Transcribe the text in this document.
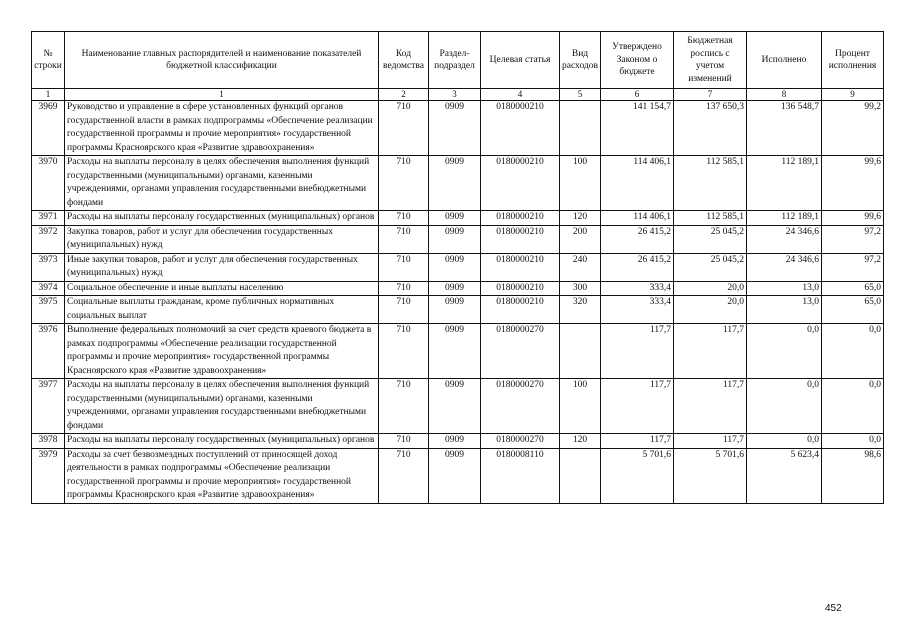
№ строки	Наименование главных распорядителей и наименование показателей бюджетной классификации	Код ведомства	Раздел-подраздел	Целевая статья	Вид расходов	Утверждено Законом о бюджете	Бюджетная роспись с учетом изменений	Исполнено	Процент исполнения
1	1	2	3	4	5	6	7	8	9
3969	Руководство и управление в сфере установленных функций органов государственной власти в рамках подпрограммы «Обеспечение реализации государственной программы и прочие мероприятия» государственной программы Красноярского края «Развитие здравоохранения»	710	0909	0180000210		141 154,7	137 650,3	136 548,7	99,2
3970	Расходы на выплаты персоналу в целях обеспечения выполнения функций государственными (муниципальными) органами, казенными учреждениями, органами управления государственными внебюджетными фондами	710	0909	0180000210	100	114 406,1	112 585,1	112 189,1	99,6
3971	Расходы на выплаты персоналу государственных (муниципальных) органов	710	0909	0180000210	120	114 406,1	112 585,1	112 189,1	99,6
3972	Закупка товаров, работ и услуг для обеспечения государственных (муниципальных) нужд	710	0909	0180000210	200	26 415,2	25 045,2	24 346,6	97,2
3973	Иные закупки товаров, работ и услуг для обеспечения государственных (муниципальных) нужд	710	0909	0180000210	240	26 415,2	25 045,2	24 346,6	97,2
3974	Социальное обеспечение и иные выплаты населению	710	0909	0180000210	300	333,4	20,0	13,0	65,0
3975	Социальные выплаты гражданам, кроме публичных нормативных социальных выплат	710	0909	0180000210	320	333,4	20,0	13,0	65,0
3976	Выполнение федеральных полномочий за счет средств краевого бюджета в рамках подпрограммы «Обеспечение реализации государственной программы и прочие мероприятия» государственной программы Красноярского края «Развитие здравоохранения»	710	0909	0180000270		117,7	117,7	0,0	0,0
3977	Расходы на выплаты персоналу в целях обеспечения выполнения функций государственными (муниципальными) органами, казенными учреждениями, органами управления государственными внебюджетными фондами	710	0909	0180000270	100	117,7	117,7	0,0	0,0
3978	Расходы на выплаты персоналу государственных (муниципальных) органов	710	0909	0180000270	120	117,7	117,7	0,0	0,0
3979	Расходы за счет безвозмездных поступлений от приносящей доход деятельности в рамках подпрограммы «Обеспечение реализации государственной программы и прочие мероприятия» государственной программы Красноярского края «Развитие здравоохранения»	710	0909	0180008110		5 701,6	5 701,6	5 623,4	98,6
452
